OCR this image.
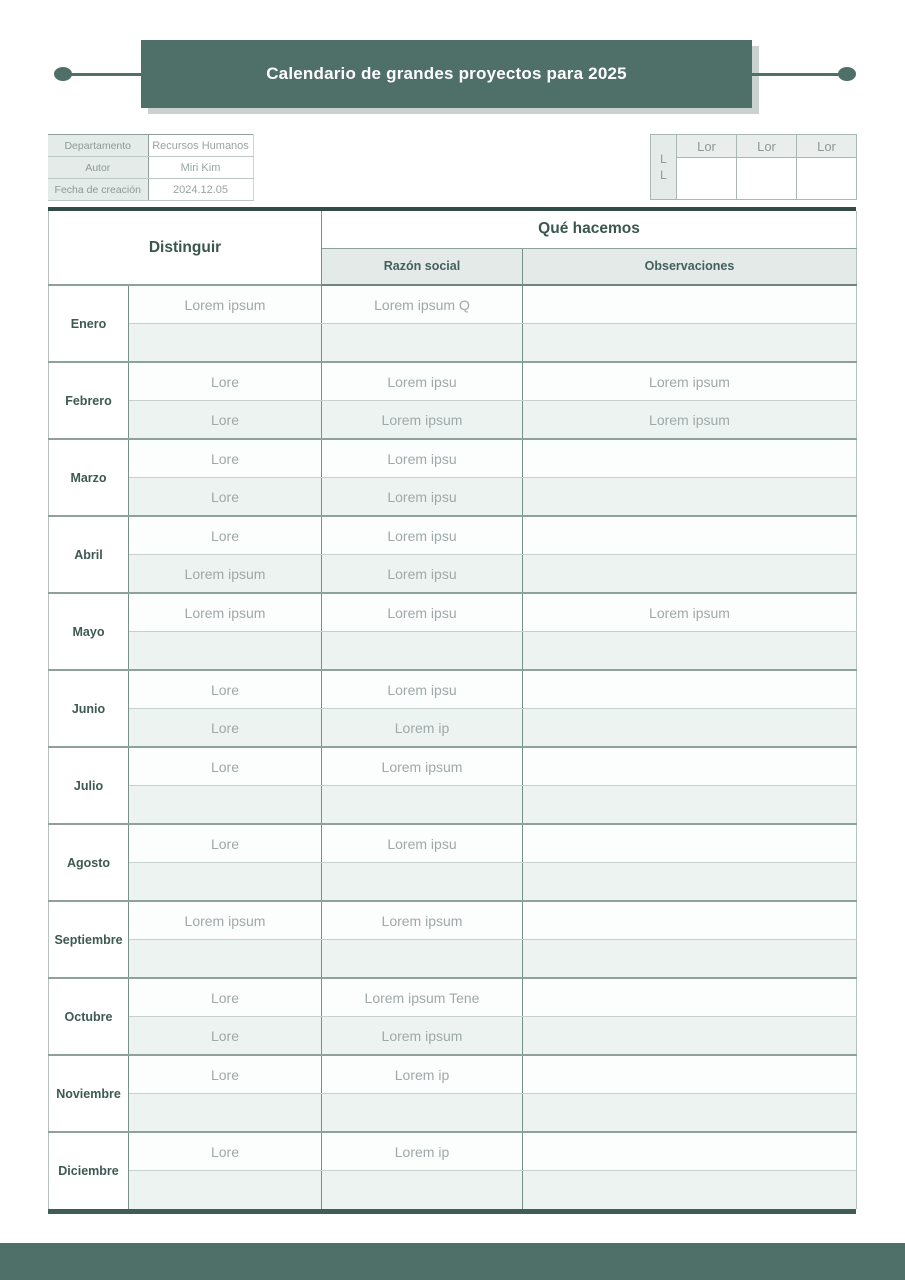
Calendario de grandes proyectos para 2025
Departamento	Recursos Humanos
Autor	Miri Kim
Fecha de creación	2024.12.05
L
L	Lor	Lor	Lor

Distinguir		Qué hacemos	
		Razón social	Observaciones
Enero	Lorem ipsum	Lorem ipsum Q	

Febrero	Lore	Lorem ipsu	Lorem ipsum
	Lore	Lorem ipsum	Lorem ipsum
Marzo	Lore	Lorem ipsu	
	Lore	Lorem ipsu	
Abril	Lore	Lorem ipsu	
	Lorem ipsum	Lorem ipsu	
Mayo	Lorem ipsum	Lorem ipsu	Lorem ipsum

Junio	Lore	Lorem ipsu	
	Lore	Lorem ip	
Julio	Lore	Lorem ipsum	

Agosto	Lore	Lorem ipsu	

Septiembre	Lorem ipsum	Lorem ipsum	

Octubre	Lore	Lorem ipsum Tene	
	Lore	Lorem ipsum	
Noviembre	Lore	Lorem ip	

Diciembre	Lore	Lorem ip	
